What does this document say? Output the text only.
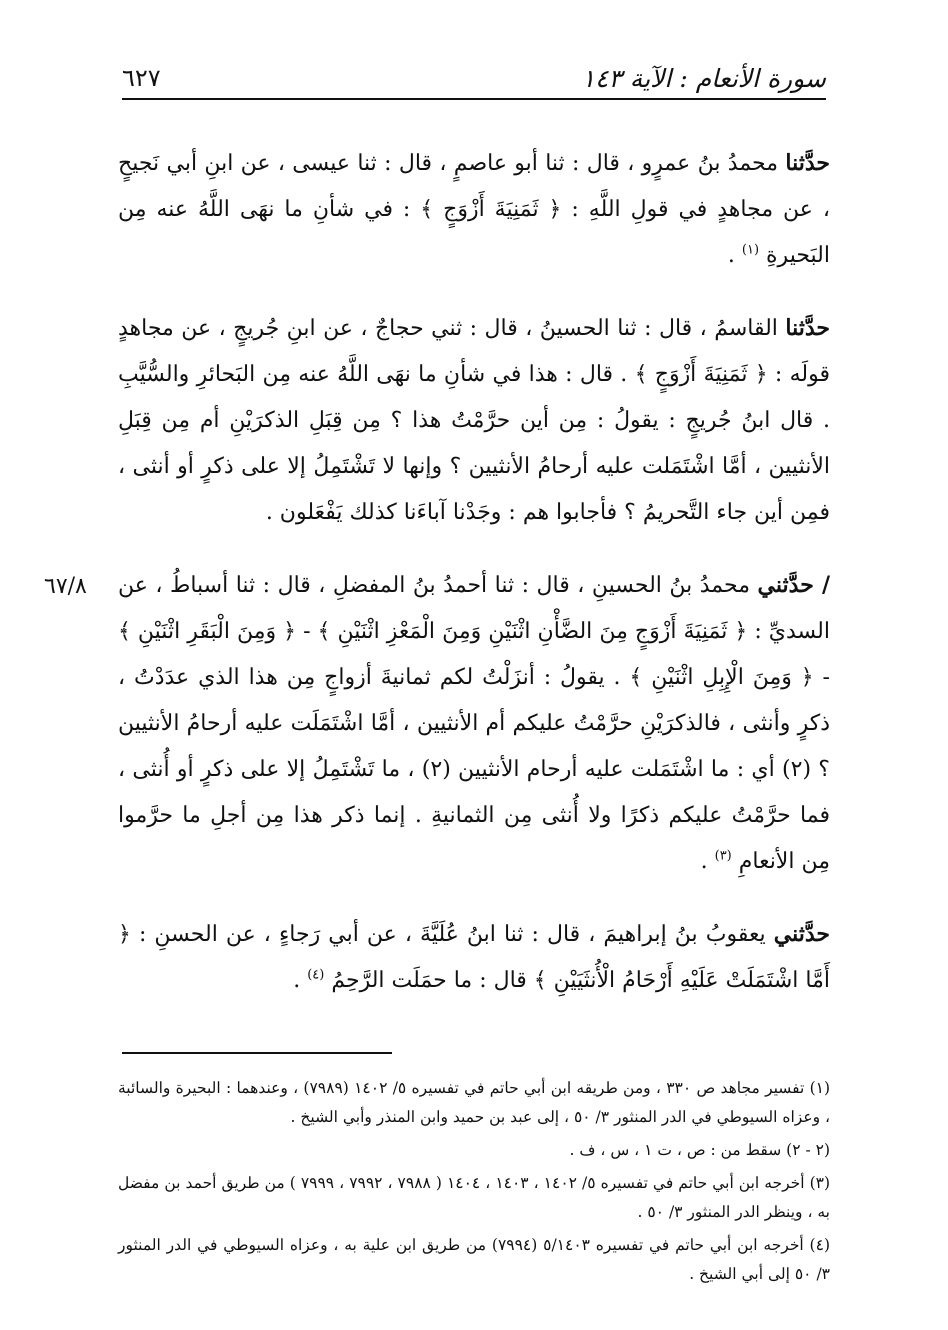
سورة الأنعام : الآية ١٤٣
٦٢٧
٦٧/٨

حدَّثنا محمدُ بنُ عمرٍو ، قال : ثنا أبو عاصمٍ ، قال : ثنا عيسى ، عن ابنِ أبي نَجيحٍ ، عن مجاهدٍ في قولِ اللَّهِ : ﴿ ثَمَنِيَةَ أَزْوَجٍ ﴾ : في شأنِ ما نهَى اللَّهُ عنه مِن البَحيرةِ $^{(١)}$ .

حدَّثنا القاسمُ ، قال : ثنا الحسينُ ، قال : ثني حجاجٌ ، عن ابنِ جُريجٍ ، عن مجاهدٍ قولَه : ﴿ ثَمَنِيَةَ أَزْوَجٍ ﴾ . قال : هذا في شأنِ ما نهَى اللَّهُ عنه مِن البَحائرِ والسُّيَّبِ . قال ابنُ جُريجٍ : يقولُ : مِن أين حرَّمْتُ هذا ؟ مِن قِبَلِ الذكرَيْنِ أم مِن قِبَلِ الأنثيين ، أمَّا اشْتَمَلت عليه أرحامُ الأنثيين ؟ وإنها لا تَشْتَمِلُ إلا على ذكرٍ أو أنثى ، فمِن أين جاء التَّحريمُ ؟ فأجابوا هم : وجَدْنا آباءَنا كذلك يَفْعَلون .

/ حدَّثني محمدُ بنُ الحسينِ ، قال : ثنا أحمدُ بنُ المفضلِ ، قال : ثنا أسباطُ ، عن السديِّ : ﴿ ثَمَنِيَةَ أَزْوَجٍ مِنَ الضَّأْنِ اثْنَيْنِ وَمِنَ الْمَعْزِ اثْنَيْنِ ﴾ - ﴿ وَمِنَ الْبَقَرِ اثْنَيْنِ ﴾ - ﴿ وَمِنَ الْإِبِلِ اثْنَيْنِ ﴾ . يقولُ : أنزَلْتُ لكم ثمانيةَ أزواجٍ مِن هذا الذي عدَدْتُ ، ذكرٍ وأنثى ، فالذكرَيْنِ حرَّمْتُ عليكم أم الأنثيين ، أمَّا اشْتَمَلَت عليه أرحامُ الأنثيين ؟ (٢) أي : ما اشْتَمَلت عليه أرحام الأنثيين (٢) ، ما تَشْتَمِلُ إلا على ذكرٍ أو أُنثى ، فما حرَّمْتُ عليكم ذكرًا ولا أُنثى مِن الثمانيةِ . إنما ذكر هذا مِن أجلِ ما حرَّموا مِن الأنعامِ $^{(٣)}$ .

حدَّثني يعقوبُ بنُ إبراهيمَ ، قال : ثنا ابنُ عُلَيَّةَ ، عن أبي رَجاءٍ ، عن الحسنِ : ﴿ أَمَّا اشْتَمَلَتْ عَلَيْهِ أَرْحَامُ الْأُنثَيَيْنِ ﴾ قال : ما حمَلَت الرَّحِمُ $^{(٤)}$ .

(١) تفسير مجاهد ص ٣٣٠ ، ومن طريقه ابن أبي حاتم في تفسيره ٥/ ١٤٠٢ (٧٩٨٩) ، وعندهما : البحيرة والسائبة ، وعزاه السيوطي في الدر المنثور ٣/ ٥٠ ، إلى عبد بن حميد وابن المنذر وأبي الشيخ .

(٢ - ٢) سقط من : ص ، ت ١ ، س ، ف .

(٣) أخرجه ابن أبي حاتم في تفسيره ٥/ ١٤٠٢ ، ١٤٠٣ ، ١٤٠٤ ( ٧٩٨٨ ، ٧٩٩٢ ، ٧٩٩٩ ) من طريق أحمد بن مفضل به ، وينظر الدر المنثور ٣/ ٥٠ .

(٤) أخرجه ابن أبي حاتم في تفسيره ٥/١٤٠٣ (٧٩٩٤) من طريق ابن علية به ، وعزاه السيوطي في الدر المنثور ٣/ ٥٠ إلى أبي الشيخ .
